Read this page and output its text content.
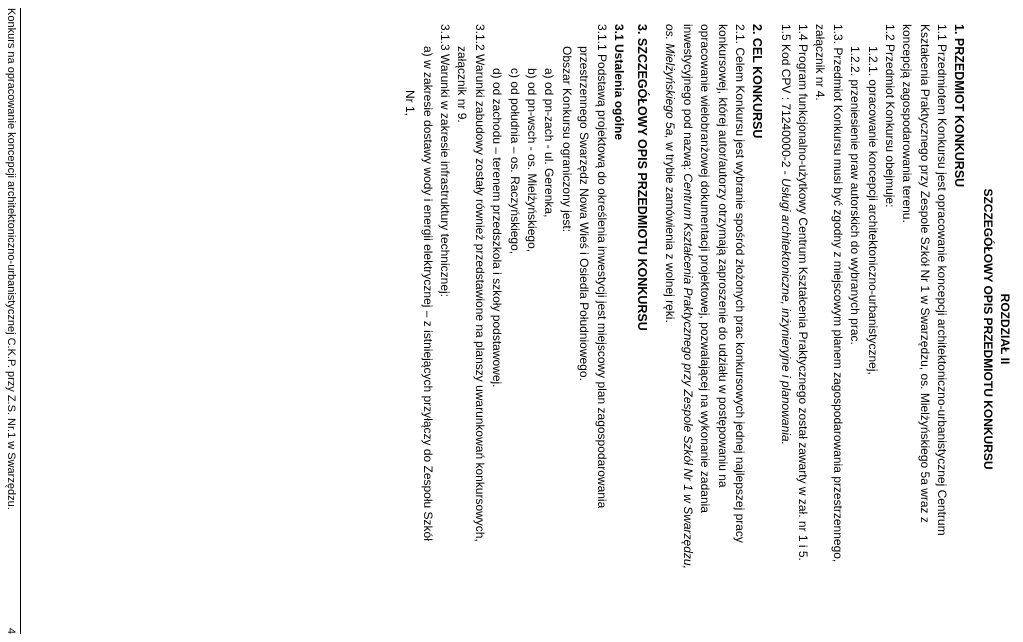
ROZDZIAŁ II

SZCZEGÓŁOWY OPIS PRZEDMIOTU KONKURSU

1. PRZEDMIOT KONKURSU

1.1 Przedmiotem Konkursu jest opracowanie koncepcji architektoniczno-urbanistycznej Centrum

Kształcenia Praktycznego przy Zespole Szkół Nr 1 w Swarzędzu, os. Mielżyńskiego 5a wraz z

koncepcją zagospodarowania terenu.

1.2 Przedmiot Konkursu obejmuje:

1.2.1. opracowanie koncepcji architektoniczno-urbanistycznej,

1.2.2. przeniesienie praw autorskich do wybranych prac.

1.3. Przedmiot Konkursu musi być zgodny z miejscowym planem zagospodarowania przestrzennego,

załącznik nr 4.

1.4 Program funkcjonalno-użytkowy Centrum Kształcenia Praktycznego został zawarty w zał. nr 1 i 5.

1.5 Kod CPV : 71240000-2 - Usługi architektoniczne, inżynieryjne i planowania.

2. CEL KONKURSU

2.1. Celem Konkursu jest wybranie spośród złożonych prac konkursowych jednej najlepszej pracy

konkursowej, której autor/autorzy otrzymają zaproszenie do udziału w postępowaniu na

opracowanie wielobranżowej dokumentacji projektowej, pozwalającej na wykonanie zadania

inwestycyjnego pod nazwą: Centrum Kształcenia Praktycznego przy Zespole Szkół Nr 1 w Swarzędzu,

os. Mielżyńskiego 5a, w trybie zamówienia z wolnej ręki.

3. SZCZEGÓŁOWY OPIS PRZEDMIOTU KONKURSU

3.1 Ustalenia ogólne

3.1.1 Podstawą projektową do określenia inwestycji jest miejscowy plan zagospodarowania

przestrzennego Swarzędz Nowa Wieś i Osiedla Południowego.

Obszar Konkursu ograniczony jest:

a) od pn-zach - ul. Gerenka,

b) od pn-wsch - os. Mielżyńskiego,

c) od południa – os. Raczyńskiego,

d) od zachodu – terenem przedszkola i szkoły podstawowej.

3.1.2 Warunki zabudowy zostały również przedstawione na planszy uwarunkowań konkursowych,

załącznik nr 9.

3.1.3 Warunki w zakresie infrastruktury technicznej:

a) w zakresie dostawy wody i energii elektrycznej – z istniejących przyłączy do Zespołu Szkół

Nr 1,

Konkurs na opracowanie koncepcji architektoniczno-urbanistycznej C.K.P. przy Z.S. Nr.1 w Swarzędzu.
4
